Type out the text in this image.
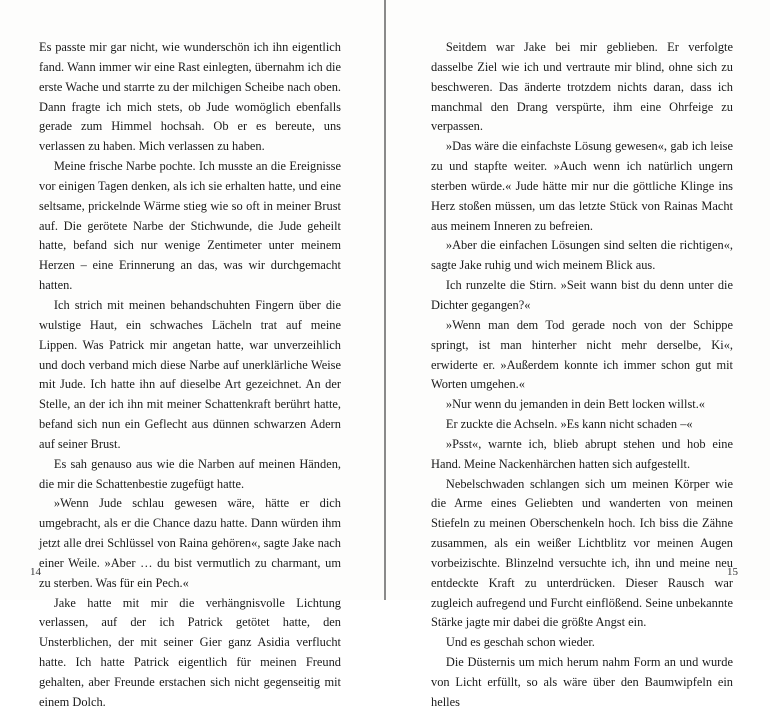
Es passte mir gar nicht, wie wunderschön ich ihn eigentlich fand. Wann immer wir eine Rast einlegten, übernahm ich die erste Wache und starrte zu der milchigen Scheibe nach oben. Dann fragte ich mich stets, ob Jude womöglich ebenfalls gerade zum Himmel hochsah. Ob er es bereute, uns verlassen zu haben. Mich verlassen zu haben.

Meine frische Narbe pochte. Ich musste an die Ereignisse vor einigen Tagen denken, als ich sie erhalten hatte, und eine seltsame, prickelnde Wärme stieg wie so oft in meiner Brust auf. Die gerötete Narbe der Stichwunde, die Jude geheilt hatte, befand sich nur wenige Zentimeter unter meinem Herzen – eine Erinnerung an das, was wir durchgemacht hatten.

Ich strich mit meinen behandschuhten Fingern über die wulstige Haut, ein schwaches Lächeln trat auf meine Lippen. Was Patrick mir angetan hatte, war unverzeihlich und doch verband mich diese Narbe auf unerklärliche Weise mit Jude. Ich hatte ihn auf dieselbe Art gezeichnet. An der Stelle, an der ich ihn mit meiner Schattenkraft berührt hatte, befand sich nun ein Geflecht aus dünnen schwarzen Adern auf seiner Brust.

Es sah genauso aus wie die Narben auf meinen Händen, die mir die Schattenbestie zugefügt hatte.

»Wenn Jude schlau gewesen wäre, hätte er dich umgebracht, als er die Chance dazu hatte. Dann würden ihm jetzt alle drei Schlüssel von Raina gehören«, sagte Jake nach einer Weile. »Aber … du bist vermutlich zu charmant, um zu sterben. Was für ein Pech.«

Jake hatte mit mir die verhängnisvolle Lichtung verlassen, auf der ich Patrick getötet hatte, den Unsterblichen, der mit seiner Gier ganz Asidia verflucht hatte. Ich hatte Patrick eigentlich für meinen Freund gehalten, aber Freunde erstachen sich nicht gegenseitig mit einem Dolch.

14

Seitdem war Jake bei mir geblieben. Er verfolgte dasselbe Ziel wie ich und vertraute mir blind, ohne sich zu beschweren. Das änderte trotzdem nichts daran, dass ich manchmal den Drang verspürte, ihm eine Ohrfeige zu verpassen.

»Das wäre die einfachste Lösung gewesen«, gab ich leise zu und stapfte weiter. »Auch wenn ich natürlich ungern sterben würde.« Jude hätte mir nur die göttliche Klinge ins Herz stoßen müssen, um das letzte Stück von Rainas Macht aus meinem Inneren zu befreien.

»Aber die einfachen Lösungen sind selten die richtigen«, sagte Jake ruhig und wich meinem Blick aus.

Ich runzelte die Stirn. »Seit wann bist du denn unter die Dichter gegangen?«

»Wenn man dem Tod gerade noch von der Schippe springt, ist man hinterher nicht mehr derselbe, Ki«, erwiderte er. »Außerdem konnte ich immer schon gut mit Worten umgehen.«

»Nur wenn du jemanden in dein Bett locken willst.«

Er zuckte die Achseln. »Es kann nicht schaden –«

»Psst«, warnte ich, blieb abrupt stehen und hob eine Hand. Meine Nackenhärchen hatten sich aufgestellt.

Nebelschwaden schlangen sich um meinen Körper wie die Arme eines Geliebten und wanderten von meinen Stiefeln zu meinen Oberschenkeln hoch. Ich biss die Zähne zusammen, als ein weißer Lichtblitz vor meinen Augen vorbeizischte. Blinzelnd versuchte ich, ihn und meine neu entdeckte Kraft zu unterdrücken. Dieser Rausch war zugleich aufregend und Furcht einflößend. Seine unbekannte Stärke jagte mir dabei die größte Angst ein.

Und es geschah schon wieder.

Die Düsternis um mich herum nahm Form an und wurde von Licht erfüllt, so als wäre über den Baumwipfeln ein helles

15
